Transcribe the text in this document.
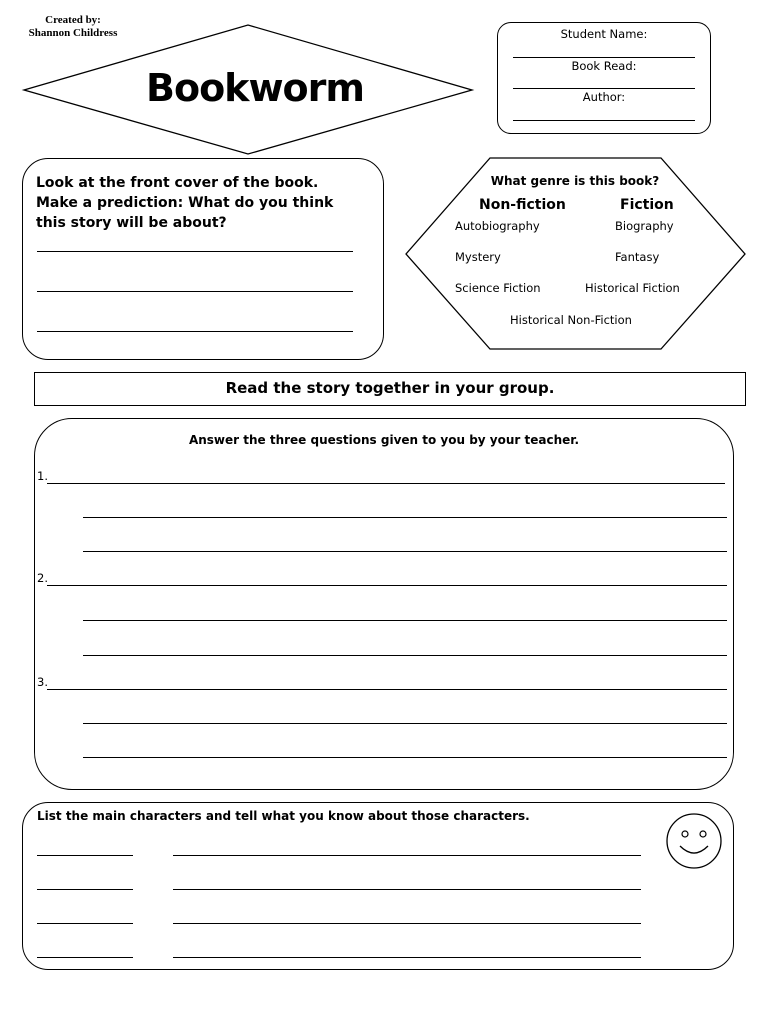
Created by:
Shannon Childress
Bookworm
Student Name:
Book Read:
Author:
Look at the front cover of the book. Make a prediction: What do you think this story will be about?
What genre is this book?
Non-fiction	Fiction
Autobiography	Biography
Mystery	Fantasy
Science Fiction	Historical Fiction
Historical Non-Fiction
Read the story together in your group.
Answer the three questions given to you by your teacher.
1.
2.
3.
List the main characters and tell what you know about those characters.
